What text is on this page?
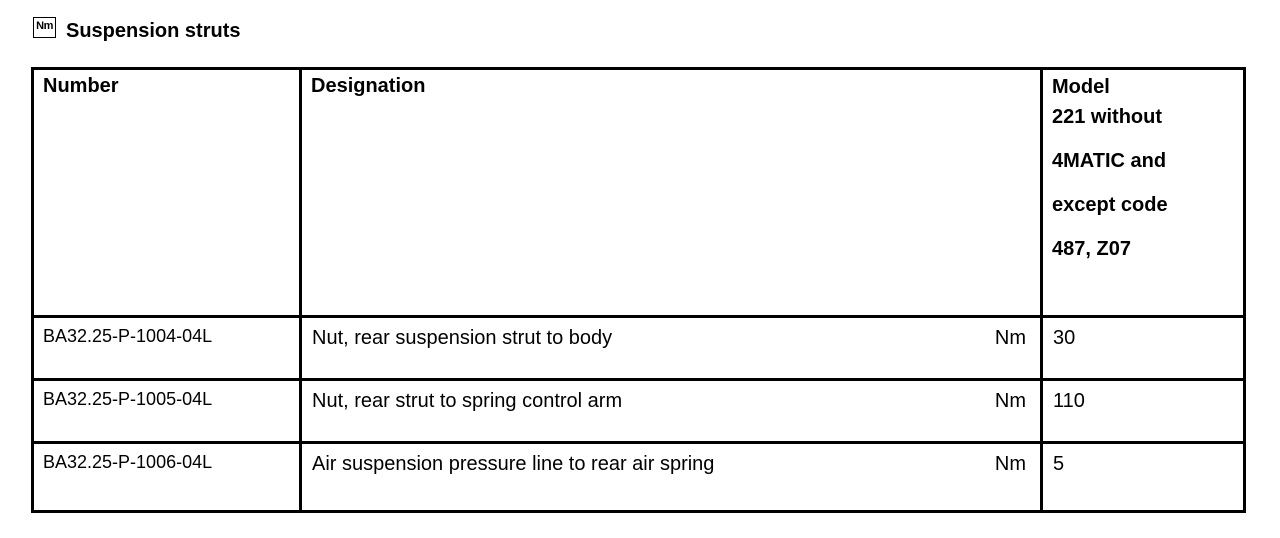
Nm Suspension struts
Number	Designation	Model
221 without
4MATIC and
except code
487, Z07

BA32.25-P-1004-04L	Nut, rear suspension strut to body Nm	30

BA32.25-P-1005-04L	Nut, rear strut to spring control arm Nm	110

BA32.25-P-1006-04L	Air suspension pressure line to rear air spring Nm	5
